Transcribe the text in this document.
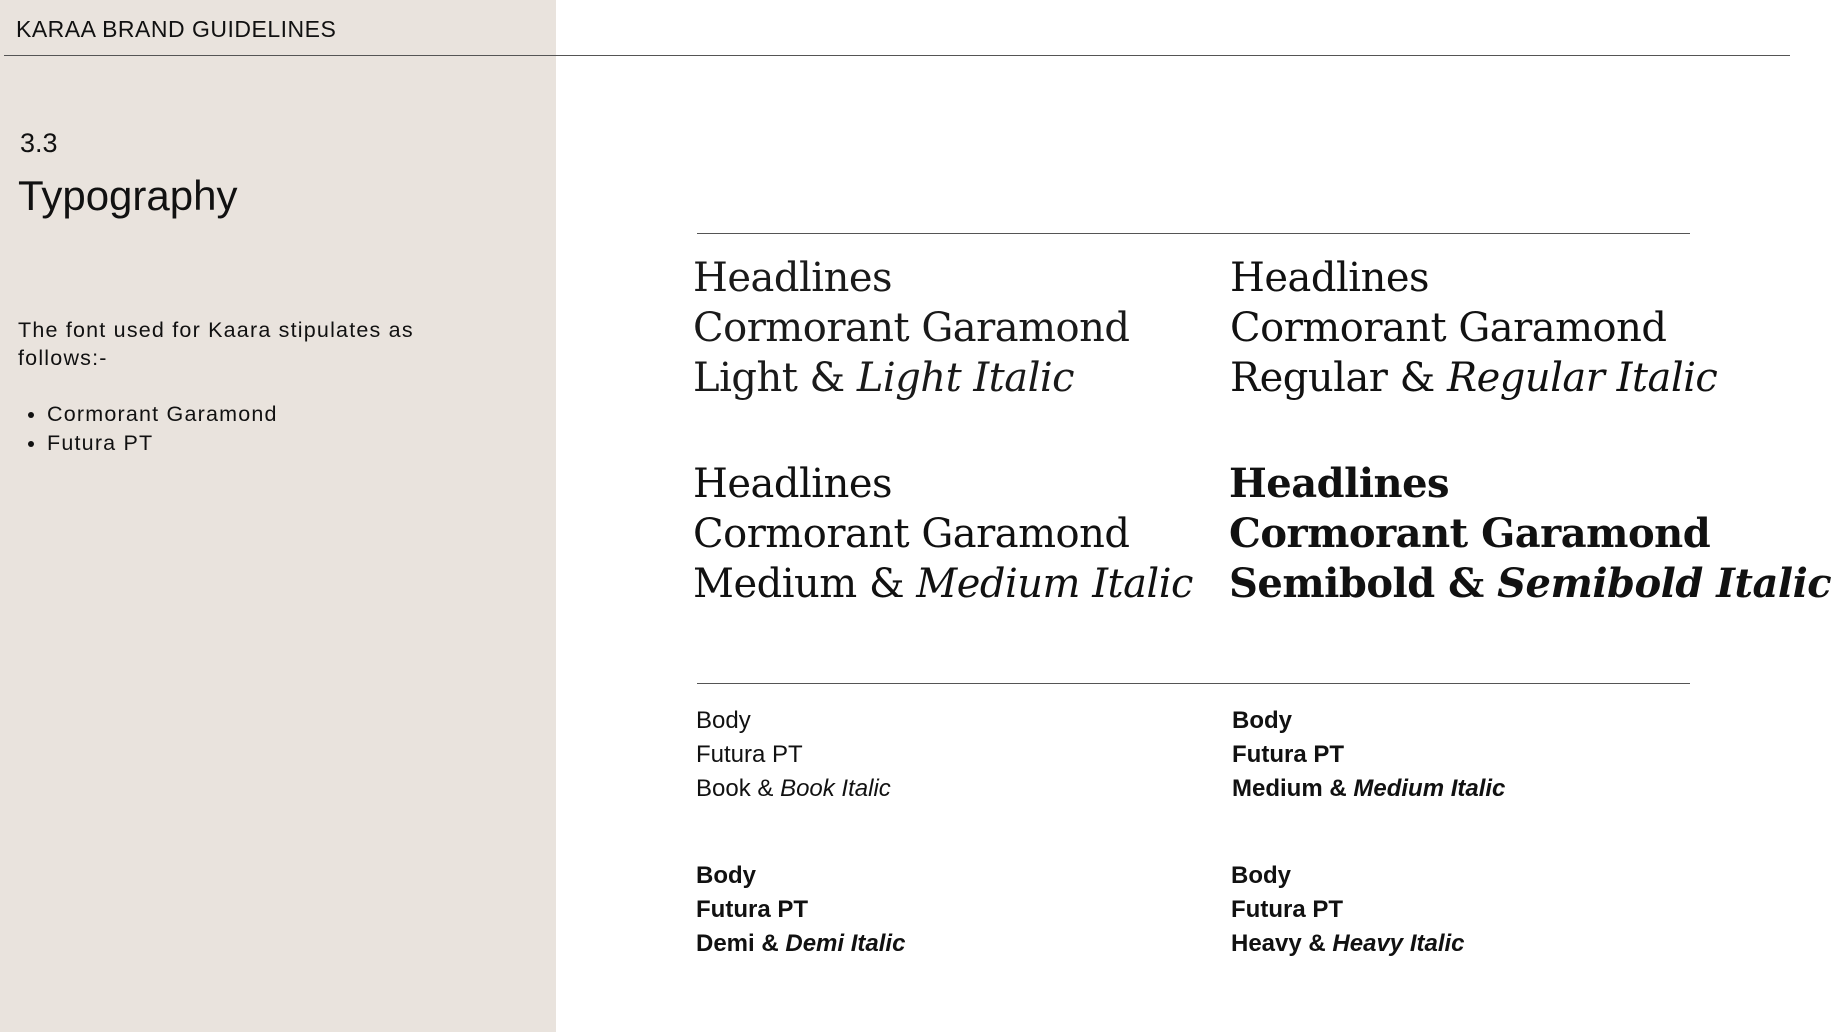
KARAA BRAND GUIDELINES
3.3
Typography

The font used for Kaara stipulates as follows:-

• Cormorant Garamond
• Futura PT
Headlines
Cormorant Garamond
Light & Light Italic
Headlines
Cormorant Garamond
Regular & Regular Italic
Headlines
Cormorant Garamond
Medium & Medium Italic
Headlines
Cormorant Garamond
Semibold & Semibold Italic
Body
Futura PT
Book & Book Italic
Body
Futura PT
Medium & Medium Italic
Body
Futura PT
Demi & Demi Italic
Body
Futura PT
Heavy & Heavy Italic
